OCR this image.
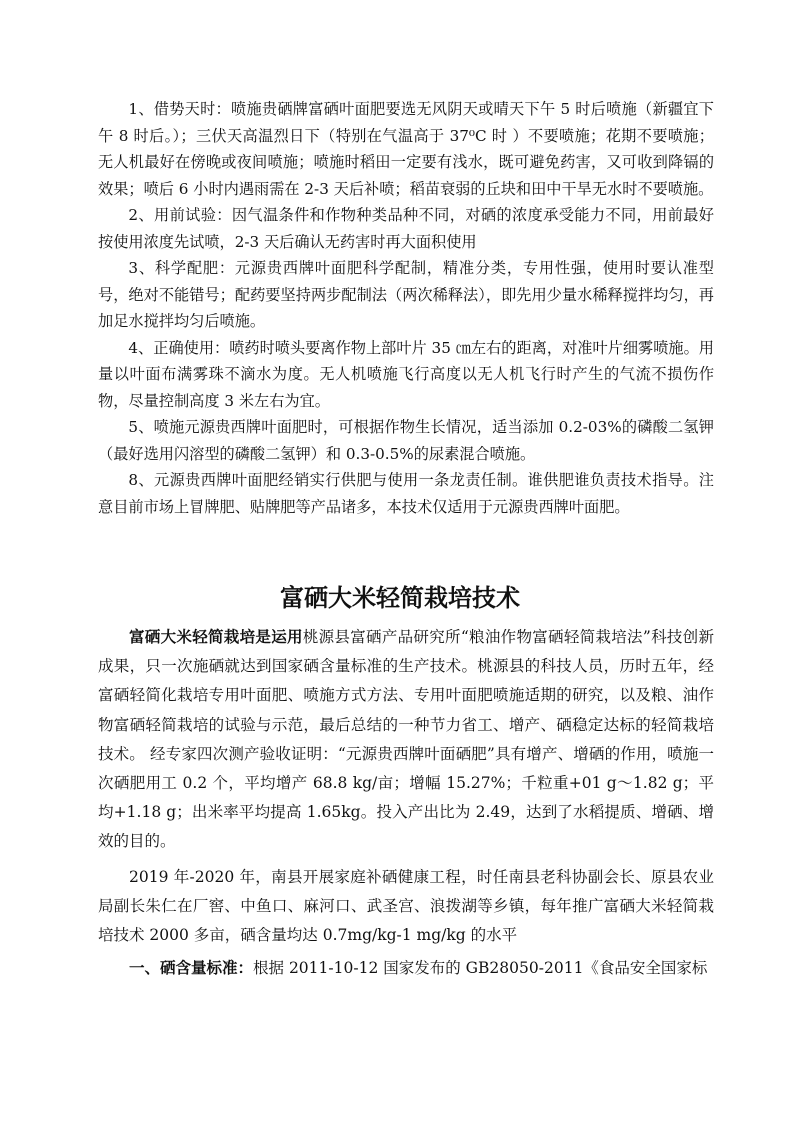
1、借势天时：喷施贵硒牌富硒叶面肥要选无风阴天或晴天下午 5 时后喷施（新疆宜下午 8 时后。）；三伏天高温烈日下（特别在气温高于 37⁰C 时 ）不要喷施；花期不要喷施；无人机最好在傍晚或夜间喷施；喷施时稻田一定要有浅水，既可避免药害，又可收到降镉的效果；喷后 6 小时内遇雨需在 2-3 天后补喷；稻苗衰弱的丘块和田中干旱无水时不要喷施。

2、用前试验：因气温条件和作物种类品种不同，对硒的浓度承受能力不同，用前最好按使用浓度先试喷，2-3 天后确认无药害时再大面积使用

3、科学配肥：元源贵西牌叶面肥科学配制，精准分类，专用性强，使用时要认准型号，绝对不能错号；配药要坚持两步配制法（两次稀释法），即先用少量水稀释搅拌均匀，再加足水搅拌均匀后喷施。

4、正确使用：喷药时喷头要离作物上部叶片 35 ㎝左右的距离，对准叶片细雾喷施。用量以叶面布满雾珠不滴水为度。无人机喷施飞行高度以无人机飞行时产生的气流不损伤作物，尽量控制高度 3 米左右为宜。

5、喷施元源贵西牌叶面肥时，可根据作物生长情况，适当添加 0.2-03%的磷酸二氢钾（最好选用闪溶型的磷酸二氢钾）和 0.3-0.5%的尿素混合喷施。

8、元源贵西牌叶面肥经销实行供肥与使用一条龙责任制。谁供肥谁负责技术指导。注意目前市场上冒牌肥、贴牌肥等产品诸多，本技术仅适用于元源贵西牌叶面肥。

富硒大米轻简栽培技术

富硒大米轻简栽培是运用桃源县富硒产品研究所“粮油作物富硒轻简栽培法”科技创新成果，只一次施硒就达到国家硒含量标准的生产技术。桃源县的科技人员，历时五年，经富硒轻简化栽培专用叶面肥、喷施方式方法、专用叶面肥喷施适期的研究，以及粮、油作物富硒轻简栽培的试验与示范，最后总结的一种节力省工、增产、硒稳定达标的轻简栽培技术。 经专家四次测产验收证明：“元源贵西牌叶面硒肥”具有增产、增硒的作用，喷施一次硒肥用工 0.2 个，平均增产 68.8 kg/亩；增幅 15.27%；千粒重+01 g～1.82 g；平均+1.18 g；出米率平均提高 1.65kg。投入产出比为 2.49，达到了水稻提质、增硒、增效的目的。

2019 年-2020 年，南县开展家庭补硒健康工程，时任南县老科协副会长、原县农业局副长朱仁在厂窖、中鱼口、麻河口、武圣宫、浪拨湖等乡镇，每年推广富硒大米轻简栽培技术 2000 多亩，硒含量均达 0.7mg/kg-1 mg/kg 的水平

一、硒含量标准：根据 2011-10-12 国家发布的 GB28050-2011《食品安全国家标
